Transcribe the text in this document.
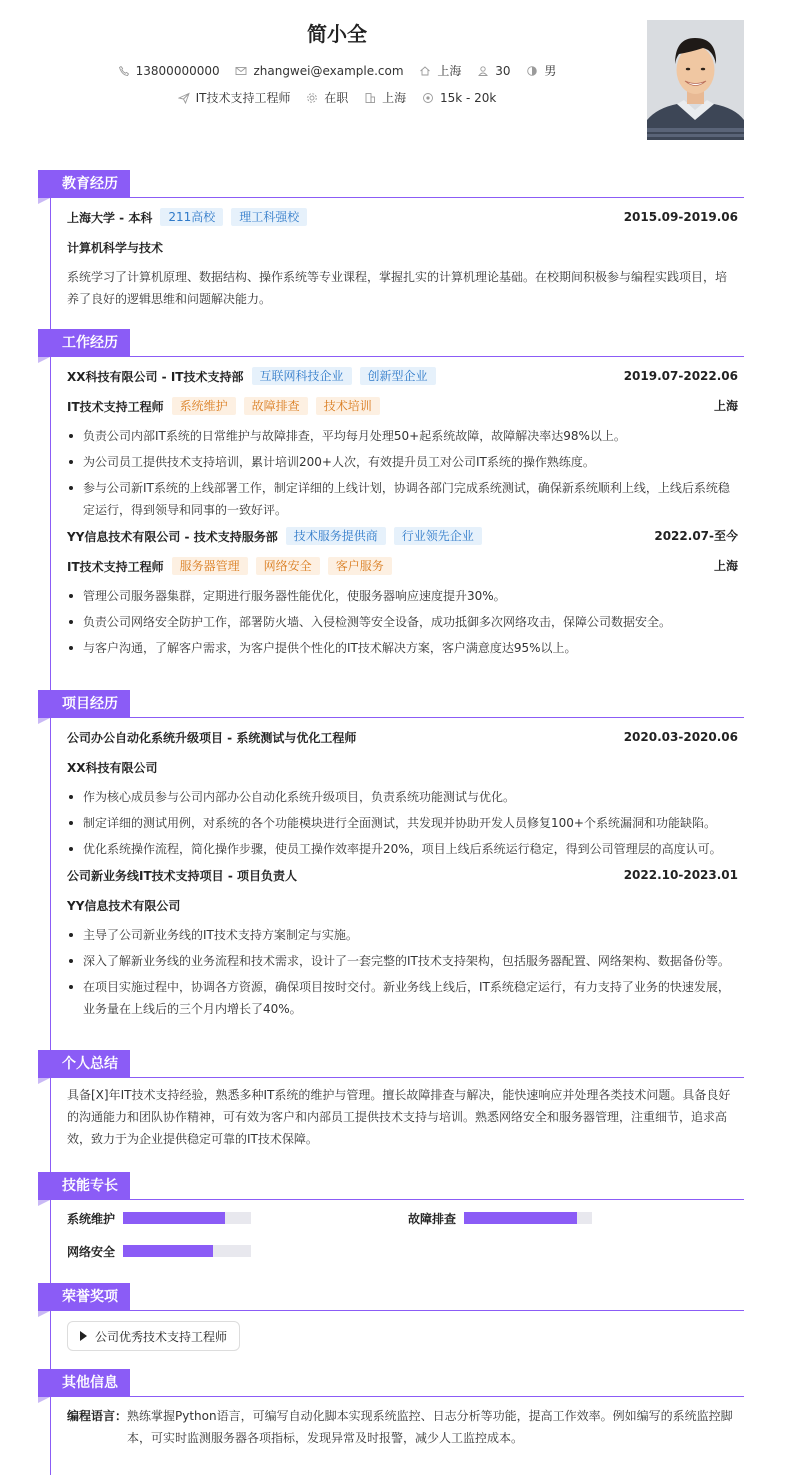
简小全
13800000000
	zhangwei@example.com
	上海
	30
	男
IT技术支持工程师
	在职
	上海
	15k - 20k
教育经历
上海大学 - 本科	211高校	理工科强校	2015.09-2019.06
计算机科学与技术
系统学习了计算机原理、数据结构、操作系统等专业课程，掌握扎实的计算机理论基础。在校期间积极参与编程实践项目，培养了良好的逻辑思维和问题解决能力。
工作经历
XX科技有限公司 - IT技术支持部	互联网科技企业	创新型企业	2019.07-2022.06
IT技术支持工程师	系统维护	故障排查	技术培训	上海
负责公司内部IT系统的日常维护与故障排查，平均每月处理50+起系统故障，故障解决率达98%以上。
为公司员工提供技术支持培训，累计培训200+人次，有效提升员工对公司IT系统的操作熟练度。
参与公司新IT系统的上线部署工作，制定详细的上线计划，协调各部门完成系统测试，确保新系统顺利上线，上线后系统稳定运行，得到领导和同事的一致好评。
YY信息技术有限公司 - 技术支持服务部	技术服务提供商	行业领先企业	2022.07-至今
IT技术支持工程师	服务器管理	网络安全	客户服务	上海
管理公司服务器集群，定期进行服务器性能优化，使服务器响应速度提升30%。
负责公司网络安全防护工作，部署防火墙、入侵检测等安全设备，成功抵御多次网络攻击，保障公司数据安全。
与客户沟通，了解客户需求，为客户提供个性化的IT技术解决方案，客户满意度达95%以上。
项目经历
公司办公自动化系统升级项目 - 系统测试与优化工程师	2020.03-2020.06
XX科技有限公司
作为核心成员参与公司内部办公自动化系统升级项目，负责系统功能测试与优化。
制定详细的测试用例，对系统的各个功能模块进行全面测试，共发现并协助开发人员修复100+个系统漏洞和功能缺陷。
优化系统操作流程，简化操作步骤，使员工操作效率提升20%，项目上线后系统运行稳定，得到公司管理层的高度认可。
公司新业务线IT技术支持项目 - 项目负责人	2022.10-2023.01
YY信息技术有限公司
主导了公司新业务线的IT技术支持方案制定与实施。
深入了解新业务线的业务流程和技术需求，设计了一套完整的IT技术支持架构，包括服务器配置、网络架构、数据备份等。
在项目实施过程中，协调各方资源，确保项目按时交付。新业务线上线后，IT系统稳定运行，有力支持了业务的快速发展，业务量在上线后的三个月内增长了40%。
个人总结
具备[X]年IT技术支持经验，熟悉多种IT系统的维护与管理。擅长故障排查与解决，能快速响应并处理各类技术问题。具备良好的沟通能力和团队协作精神，可有效为客户和内部员工提供技术支持与培训。熟悉网络安全和服务器管理，注重细节，追求高效，致力于为企业提供稳定可靠的IT技术保障。
技能专长
系统维护	故障排查
网络安全
荣誉奖项
公司优秀技术支持工程师
其他信息
编程语言： 熟练掌握Python语言，可编写自动化脚本实现系统监控、日志分析等功能，提高工作效率。例如编写的系统监控脚本，可实时监测服务器各项指标，发现异常及时报警，减少人工监控成本。
